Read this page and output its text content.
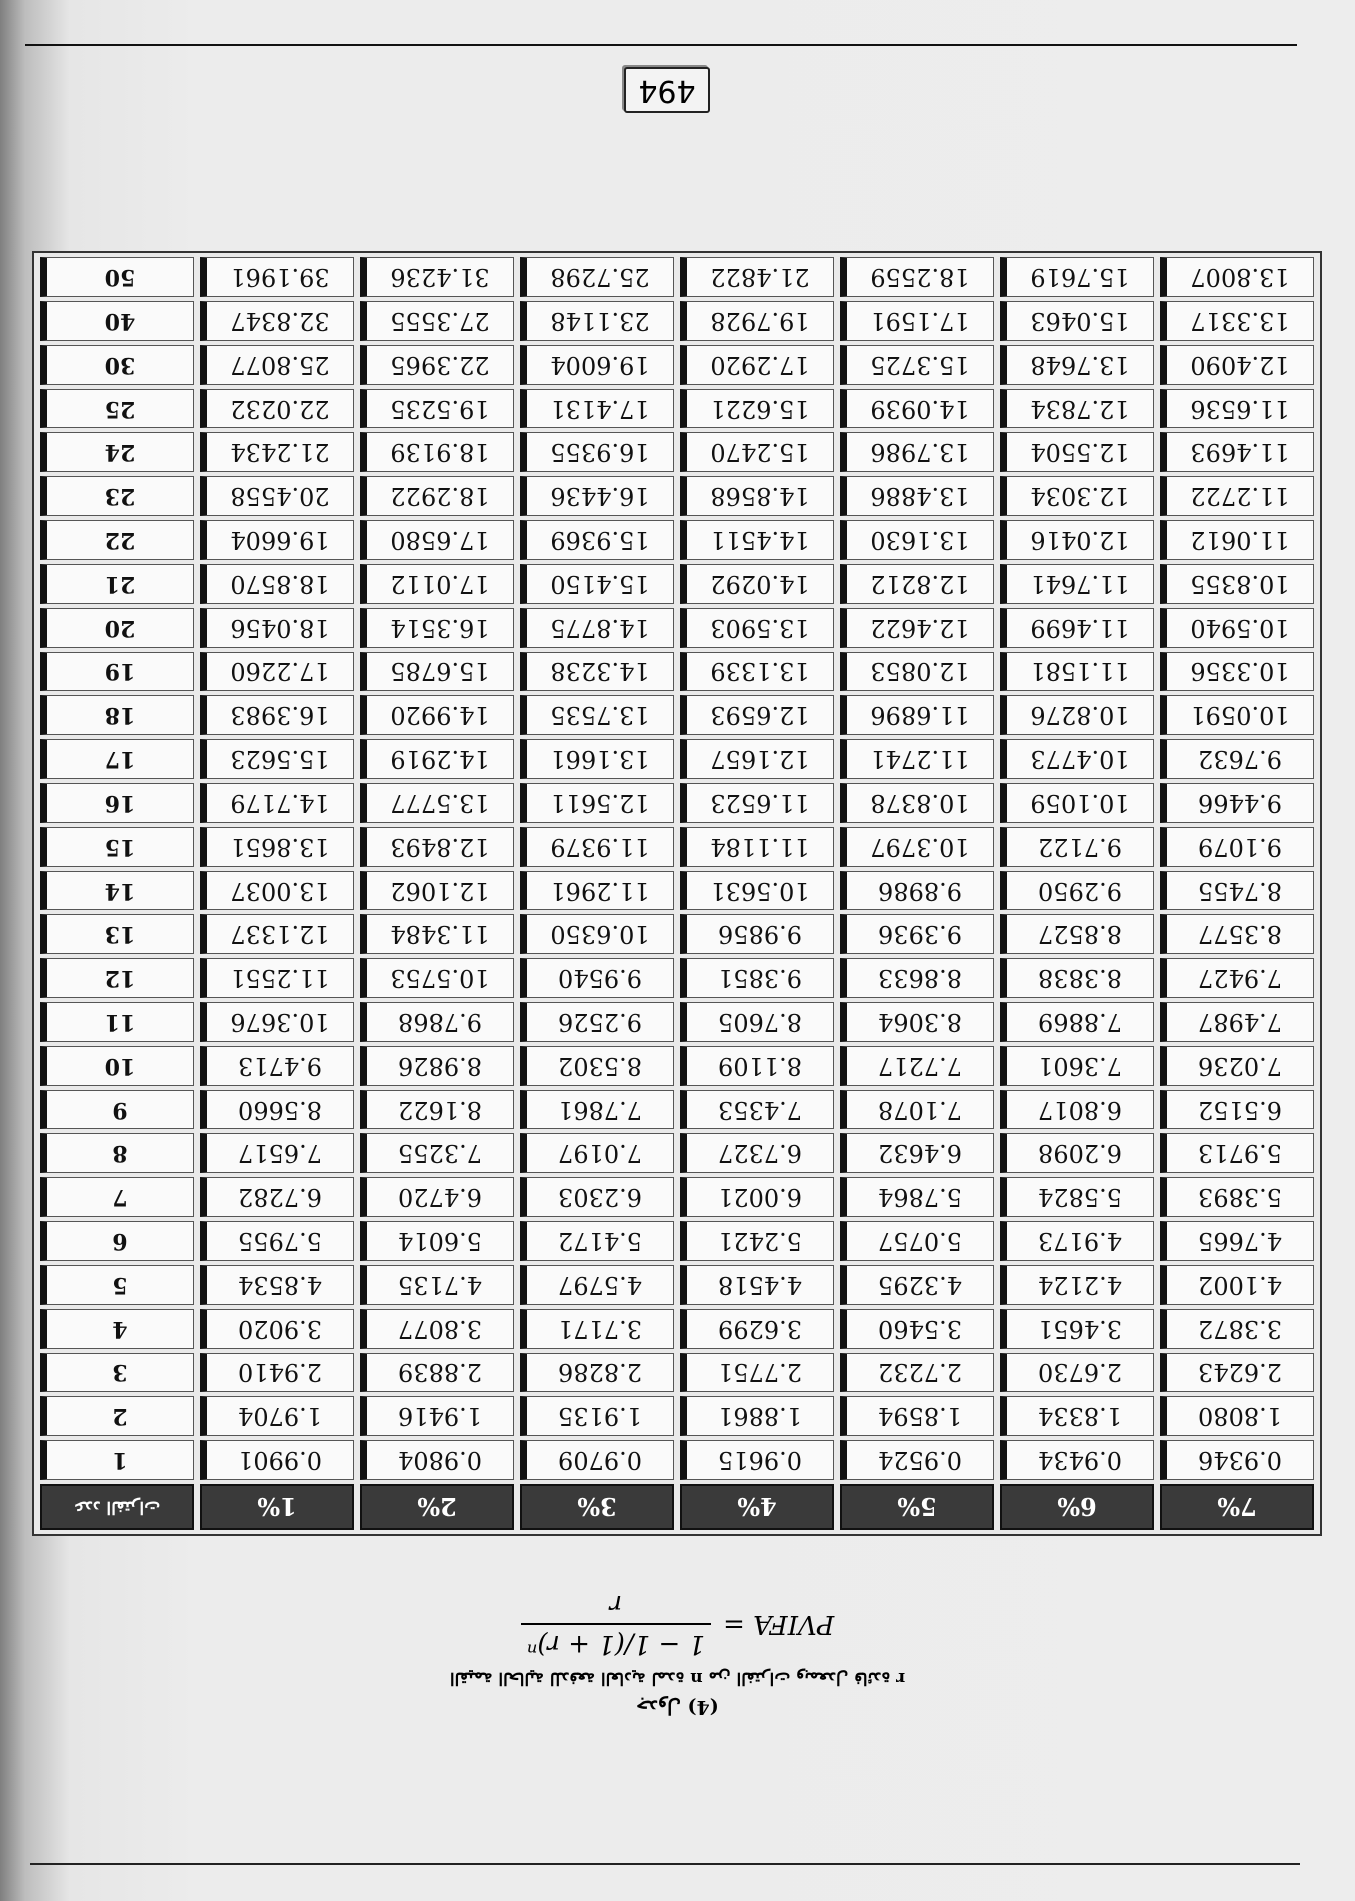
جدول (4)
القيمة الحالية للدفعة العادية لمدة n من الفترات وبمعدل فائدة r
PVIFA =
1 − 1/(1 + r)ⁿ
r
عدد الفترات	1%	2%	3%	4%	5%	6%	7%
1	0.9901	0.9804	0.9709	0.9615	0.9524	0.9434	0.9346
2	1.9704	1.9416	1.9135	1.8861	1.8594	1.8334	1.8080
3	2.9410	2.8839	2.8286	2.7751	2.7232	2.6730	2.6243
4	3.9020	3.8077	3.7171	3.6299	3.5460	3.4651	3.3872
5	4.8534	4.7135	4.5797	4.4518	4.3295	4.2124	4.1002
6	5.7955	5.6014	5.4172	5.2421	5.0757	4.9173	4.7665
7	6.7282	6.4720	6.2303	6.0021	5.7864	5.5824	5.3893
8	7.6517	7.3255	7.0197	6.7327	6.4632	6.2098	5.9713
9	8.5660	8.1622	7.7861	7.4353	7.1078	6.8017	6.5152
10	9.4713	8.9826	8.5302	8.1109	7.7217	7.3601	7.0236
11	10.3676	9.7868	9.2526	8.7605	8.3064	7.8869	7.4987
12	11.2551	10.5753	9.9540	9.3851	8.8633	8.3838	7.9427
13	12.1337	11.3484	10.6350	9.9856	9.3936	8.8527	8.3577
14	13.0037	12.1062	11.2961	10.5631	9.8986	9.2950	8.7455
15	13.8651	12.8493	11.9379	11.1184	10.3797	9.7122	9.1079
16	14.7179	13.5777	12.5611	11.6523	10.8378	10.1059	9.4466
17	15.5623	14.2919	13.1661	12.1657	11.2741	10.4773	9.7632
18	16.3983	14.9920	13.7535	12.6593	11.6896	10.8276	10.0591
19	17.2260	15.6785	14.3238	13.1339	12.0853	11.1581	10.3356
20	18.0456	16.3514	14.8775	13.5903	12.4622	11.4699	10.5940
21	18.8570	17.0112	15.4150	14.0292	12.8212	11.7641	10.8355
22	19.6604	17.6580	15.9369	14.4511	13.1630	12.0416	11.0612
23	20.4558	18.2922	16.4436	14.8568	13.4886	12.3034	11.2722
24	21.2434	18.9139	16.9355	15.2470	13.7986	12.5504	11.4693
25	22.0232	19.5235	17.4131	15.6221	14.0939	12.7834	11.6536
30	25.8077	22.3965	19.6004	17.2920	15.3725	13.7648	12.4090
40	32.8347	27.3555	23.1148	19.7928	17.1591	15.0463	13.3317
50	39.1961	31.4236	25.7298	21.4822	18.2559	15.7619	13.8007
494
